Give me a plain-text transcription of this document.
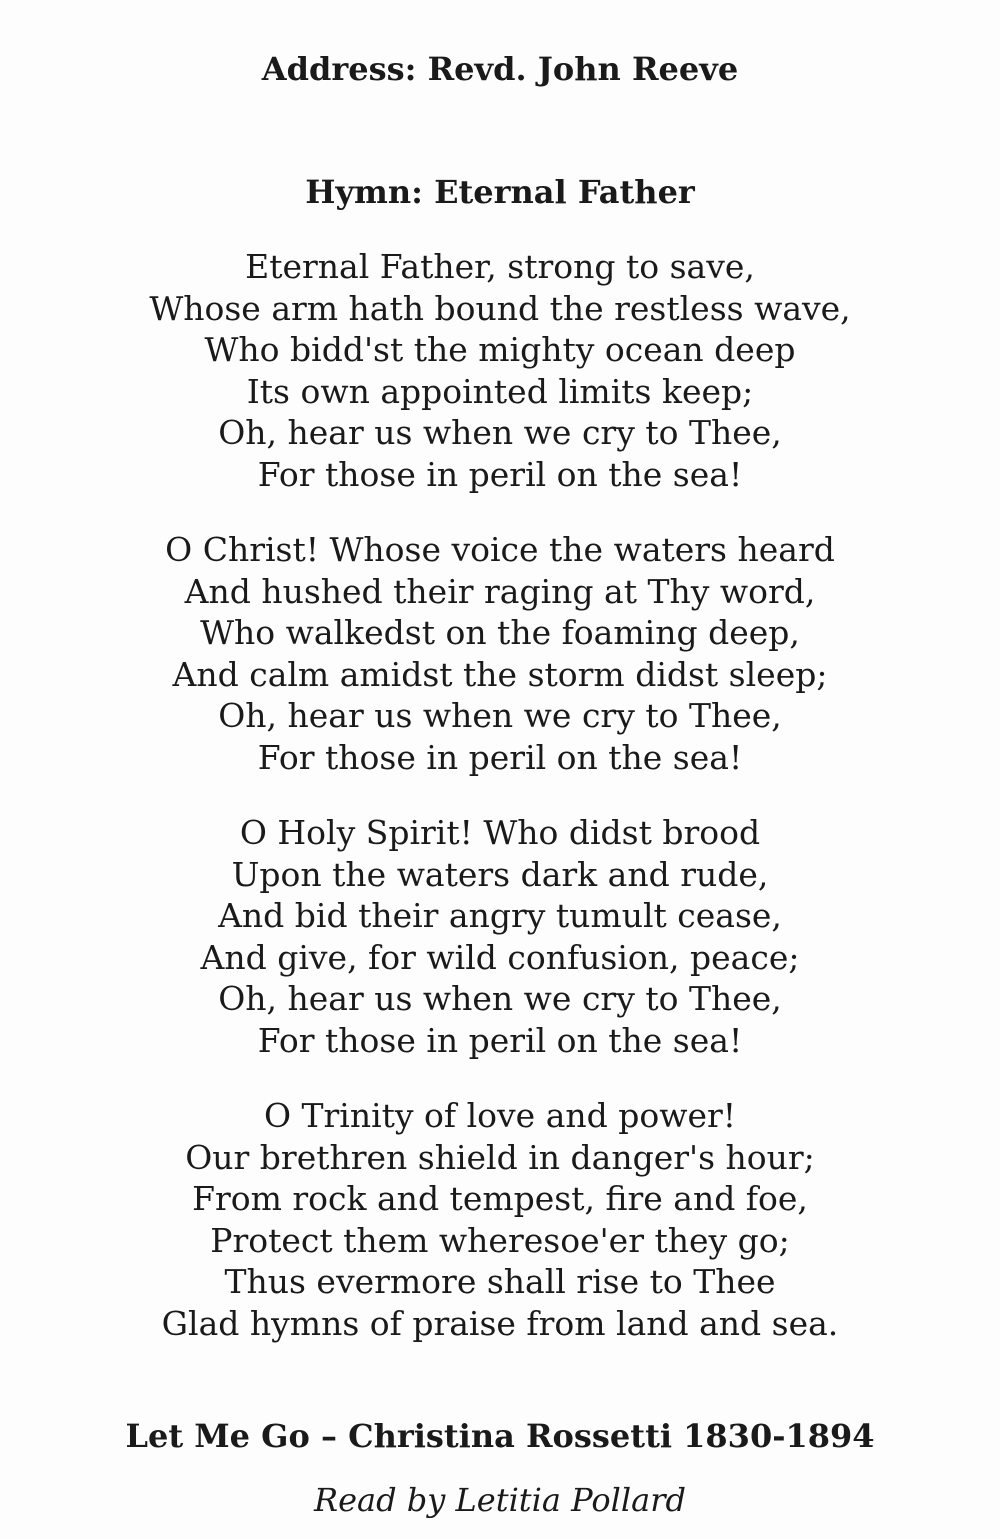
Address: Revd. John Reeve
Hymn: Eternal Father
Eternal Father, strong to save,
Whose arm hath bound the restless wave,
Who bidd'st the mighty ocean deep
Its own appointed limits keep;
Oh, hear us when we cry to Thee,
For those in peril on the sea!
O Christ! Whose voice the waters heard
And hushed their raging at Thy word,
Who walkedst on the foaming deep,
And calm amidst the storm didst sleep;
Oh, hear us when we cry to Thee,
For those in peril on the sea!
O Holy Spirit! Who didst brood
Upon the waters dark and rude,
And bid their angry tumult cease,
And give, for wild confusion, peace;
Oh, hear us when we cry to Thee,
For those in peril on the sea!
O Trinity of love and power!
Our brethren shield in danger's hour;
From rock and tempest, fire and foe,
Protect them wheresoe'er they go;
Thus evermore shall rise to Thee
Glad hymns of praise from land and sea.
Let Me Go – Christina Rossetti 1830-1894

Read by Letitia Pollard
